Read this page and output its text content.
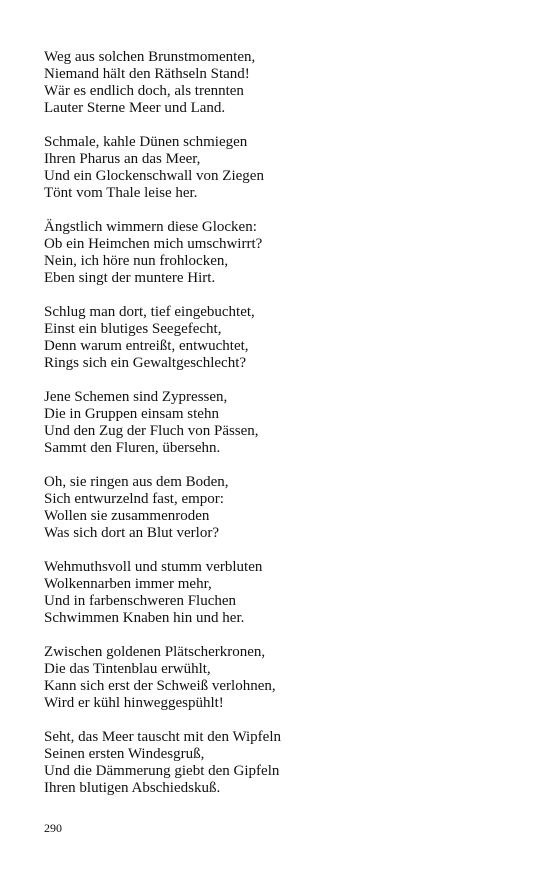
Weg aus solchen Brunstmomenten,
Niemand hält den Räthseln Stand!
Wär es endlich doch, als trennten
Lauter Sterne Meer und Land.
Schmale, kahle Dünen schmiegen
Ihren Pharus an das Meer,
Und ein Glockenschwall von Ziegen
Tönt vom Thale leise her.
Ängstlich wimmern diese Glocken:
Ob ein Heimchen mich umschwirrt?
Nein, ich höre nun frohlocken,
Eben singt der muntere Hirt.
Schlug man dort, tief eingebuchtet,
Einst ein blutiges Seegefecht,
Denn warum entreißt, entwuchtet,
Rings sich ein Gewaltgeschlecht?
Jene Schemen sind Zypressen,
Die in Gruppen einsam stehn
Und den Zug der Fluch von Pässen,
Sammt den Fluren, übersehn.
Oh, sie ringen aus dem Boden,
Sich entwurzelnd fast, empor:
Wollen sie zusammenroden
Was sich dort an Blut verlor?
Wehmuthsvoll und stumm verbluten
Wolkennarben immer mehr,
Und in farbenschweren Fluchen
Schwimmen Knaben hin und her.
Zwischen goldenen Plätscherkronen,
Die das Tintenblau erwühlt,
Kann sich erst der Schweiß verlohnen,
Wird er kühl hinweggespühlt!
Seht, das Meer tauscht mit den Wipfeln
Seinen ersten Windesgruß,
Und die Dämmerung giebt den Gipfeln
Ihren blutigen Abschiedskuß.
290
